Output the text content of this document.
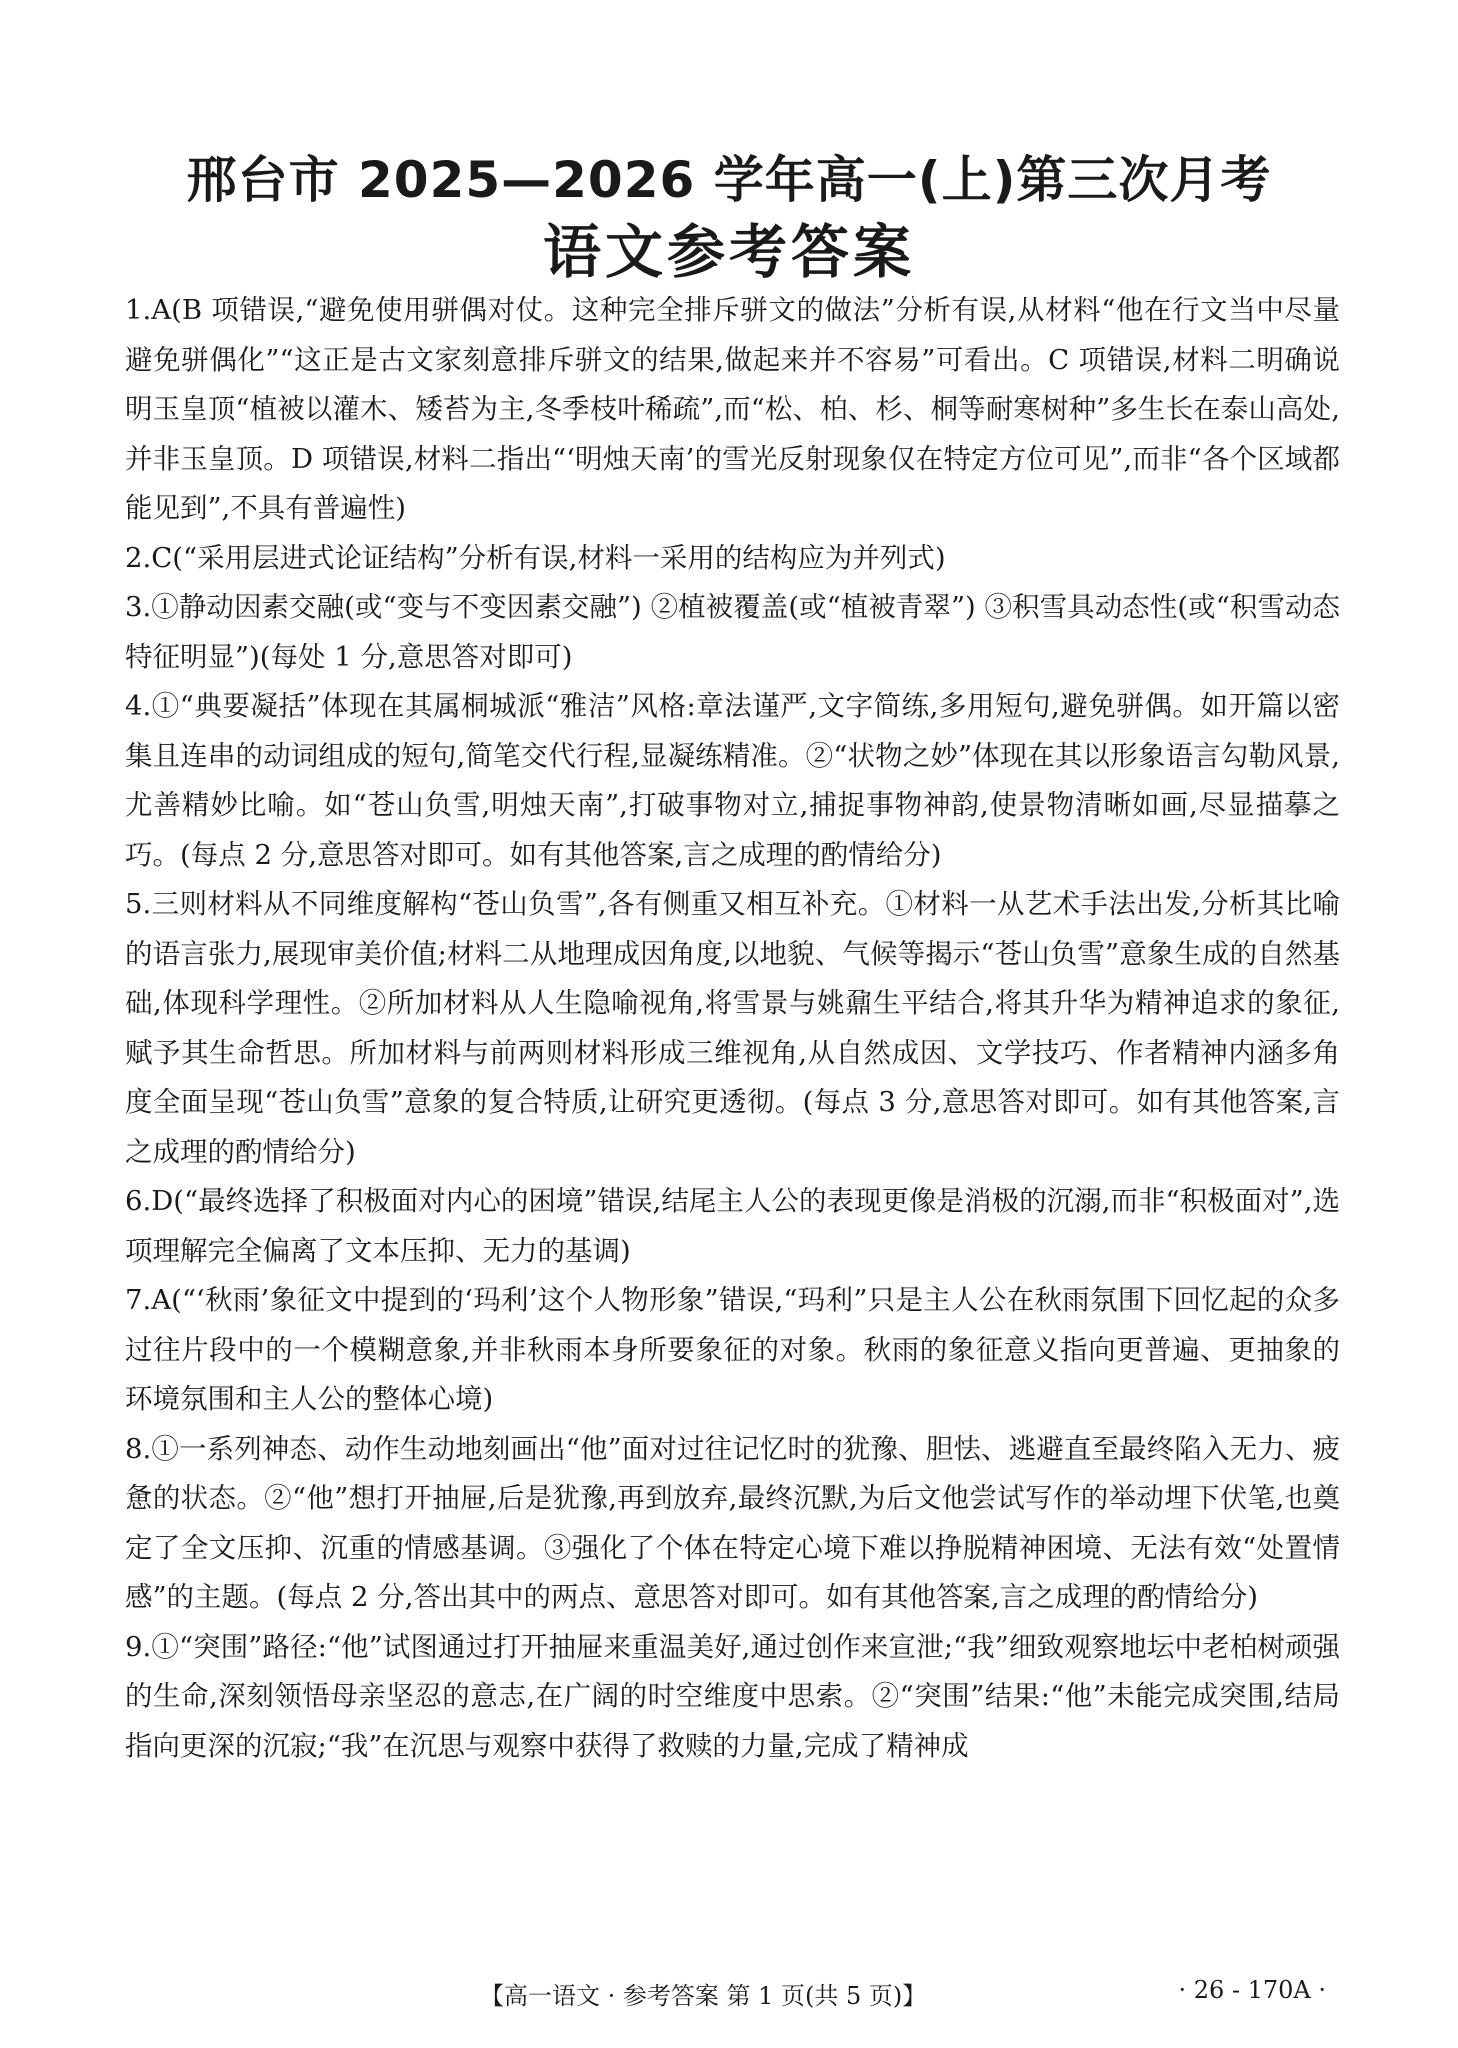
邢台市 2025—2026 学年高一(上)第三次月考
语文参考答案

1.A(B 项错误,“避免使用骈偶对仗。这种完全排斥骈文的做法”分析有误,从材料“他在行文当中尽量避免骈偶化”“这正是古文家刻意排斥骈文的结果,做起来并不容易”可看出。C 项错误,材料二明确说明玉皇顶“植被以灌木、矮苔为主,冬季枝叶稀疏”,而“松、柏、杉、桐等耐寒树种”多生长在泰山高处,并非玉皇顶。D 项错误,材料二指出“‘明烛天南’的雪光反射现象仅在特定方位可见”,而非“各个区域都能见到”,不具有普遍性)

2.C(“采用层进式论证结构”分析有误,材料一采用的结构应为并列式)

3.①静动因素交融(或“变与不变因素交融”) ②植被覆盖(或“植被青翠”) ③积雪具动态性(或“积雪动态特征明显”)(每处 1 分,意思答对即可)

4.①“典要凝括”体现在其属桐城派“雅洁”风格:章法谨严,文字简练,多用短句,避免骈偶。如开篇以密集且连串的动词组成的短句,简笔交代行程,显凝练精准。②“状物之妙”体现在其以形象语言勾勒风景,尤善精妙比喻。如“苍山负雪,明烛天南”,打破事物对立,捕捉事物神韵,使景物清晰如画,尽显描摹之巧。(每点 2 分,意思答对即可。如有其他答案,言之成理的酌情给分)

5.三则材料从不同维度解构“苍山负雪”,各有侧重又相互补充。①材料一从艺术手法出发,分析其比喻的语言张力,展现审美价值;材料二从地理成因角度,以地貌、气候等揭示“苍山负雪”意象生成的自然基础,体现科学理性。②所加材料从人生隐喻视角,将雪景与姚鼐生平结合,将其升华为精神追求的象征,赋予其生命哲思。所加材料与前两则材料形成三维视角,从自然成因、文学技巧、作者精神内涵多角度全面呈现“苍山负雪”意象的复合特质,让研究更透彻。(每点 3 分,意思答对即可。如有其他答案,言之成理的酌情给分)

6.D(“最终选择了积极面对内心的困境”错误,结尾主人公的表现更像是消极的沉溺,而非“积极面对”,选项理解完全偏离了文本压抑、无力的基调)

7.A(“‘秋雨’象征文中提到的‘玛利’这个人物形象”错误,“玛利”只是主人公在秋雨氛围下回忆起的众多过往片段中的一个模糊意象,并非秋雨本身所要象征的对象。秋雨的象征意义指向更普遍、更抽象的环境氛围和主人公的整体心境)

8.①一系列神态、动作生动地刻画出“他”面对过往记忆时的犹豫、胆怯、逃避直至最终陷入无力、疲惫的状态。②“他”想打开抽屉,后是犹豫,再到放弃,最终沉默,为后文他尝试写作的举动埋下伏笔,也奠定了全文压抑、沉重的情感基调。③强化了个体在特定心境下难以挣脱精神困境、无法有效“处置情感”的主题。(每点 2 分,答出其中的两点、意思答对即可。如有其他答案,言之成理的酌情给分)

9.①“突围”路径:“他”试图通过打开抽屉来重温美好,通过创作来宣泄;“我”细致观察地坛中老柏树顽强的生命,深刻领悟母亲坚忍的意志,在广阔的时空维度中思索。②“突围”结果:“他”未能完成突围,结局指向更深的沉寂;“我”在沉思与观察中获得了救赎的力量,完成了精神成

【高一语文 · 参考答案 第 1 页(共 5 页)】	· 26 - 170A ·
